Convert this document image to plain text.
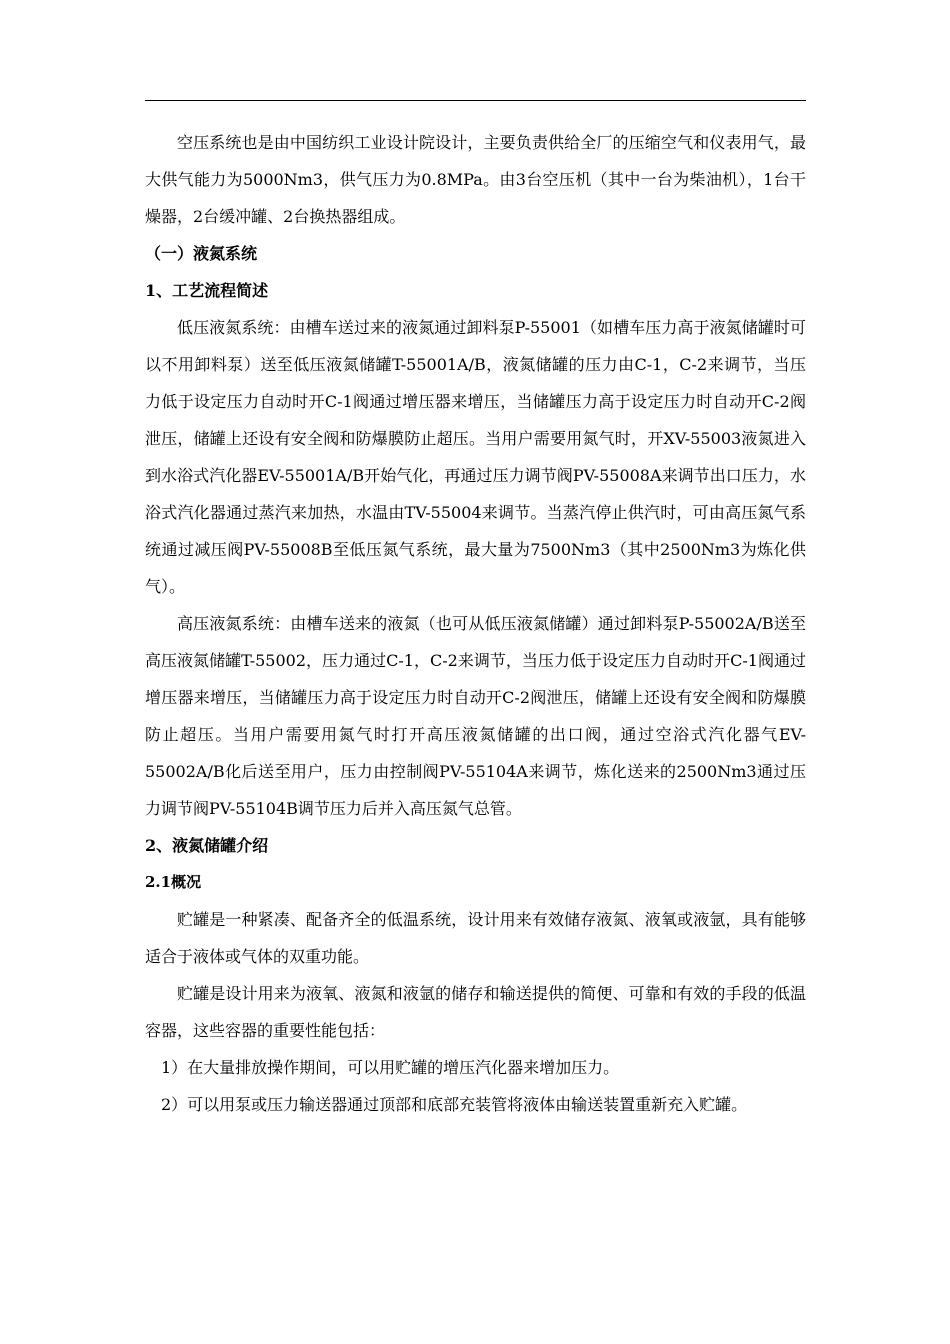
空压系统也是由中国纺织工业设计院设计，主要负责供给全厂的压缩空气和仪表用气，最大供气能力为5000Nm3，供气压力为0.8MPa。由3台空压机（其中一台为柴油机），1台干燥器，2台缓冲罐、2台换热器组成。

（一）液氮系统

1、工艺流程简述

低压液氮系统：由槽车送过来的液氮通过卸料泵P-55001（如槽车压力高于液氮储罐时可以不用卸料泵）送至低压液氮储罐T-55001A/B，液氮储罐的压力由C-1，C-2来调节，当压力低于设定压力自动时开C-1阀通过增压器来增压，当储罐压力高于设定压力时自动开C-2阀泄压，储罐上还设有安全阀和防爆膜防止超压。当用户需要用氮气时，开XV-55003液氮进入到水浴式汽化器EV-55001A/B开始气化，再通过压力调节阀PV-55008A来调节出口压力，水浴式汽化器通过蒸汽来加热，水温由TV-55004来调节。当蒸汽停止供汽时，可由高压氮气系统通过减压阀PV-55008B至低压氮气系统，最大量为7500Nm3（其中2500Nm3为炼化供气）。

高压液氮系统：由槽车送来的液氮（也可从低压液氮储罐）通过卸料泵P-55002A/B送至高压液氮储罐T-55002，压力通过C-1，C-2来调节，当压力低于设定压力自动时开C-1阀通过增压器来增压，当储罐压力高于设定压力时自动开C-2阀泄压，储罐上还设有安全阀和防爆膜防止超压。当用户需要用氮气时打开高压液氮储罐的出口阀，通过空浴式汽化器气EV-55002A/B化后送至用户，压力由控制阀PV-55104A来调节，炼化送来的2500Nm3通过压力调节阀PV-55104B调节压力后并入高压氮气总管。

2、液氮储罐介绍

2.1概况

贮罐是一种紧凑、配备齐全的低温系统，设计用来有效储存液氮、液氧或液氩，具有能够适合于液体或气体的双重功能。

贮罐是设计用来为液氧、液氮和液氩的储存和输送提供的简便、可靠和有效的手段的低温容器，这些容器的重要性能包括：

1）在大量排放操作期间，可以用贮罐的增压汽化器来增加压力。

2）可以用泵或压力输送器通过顶部和底部充装管将液体由输送装置重新充入贮罐。
